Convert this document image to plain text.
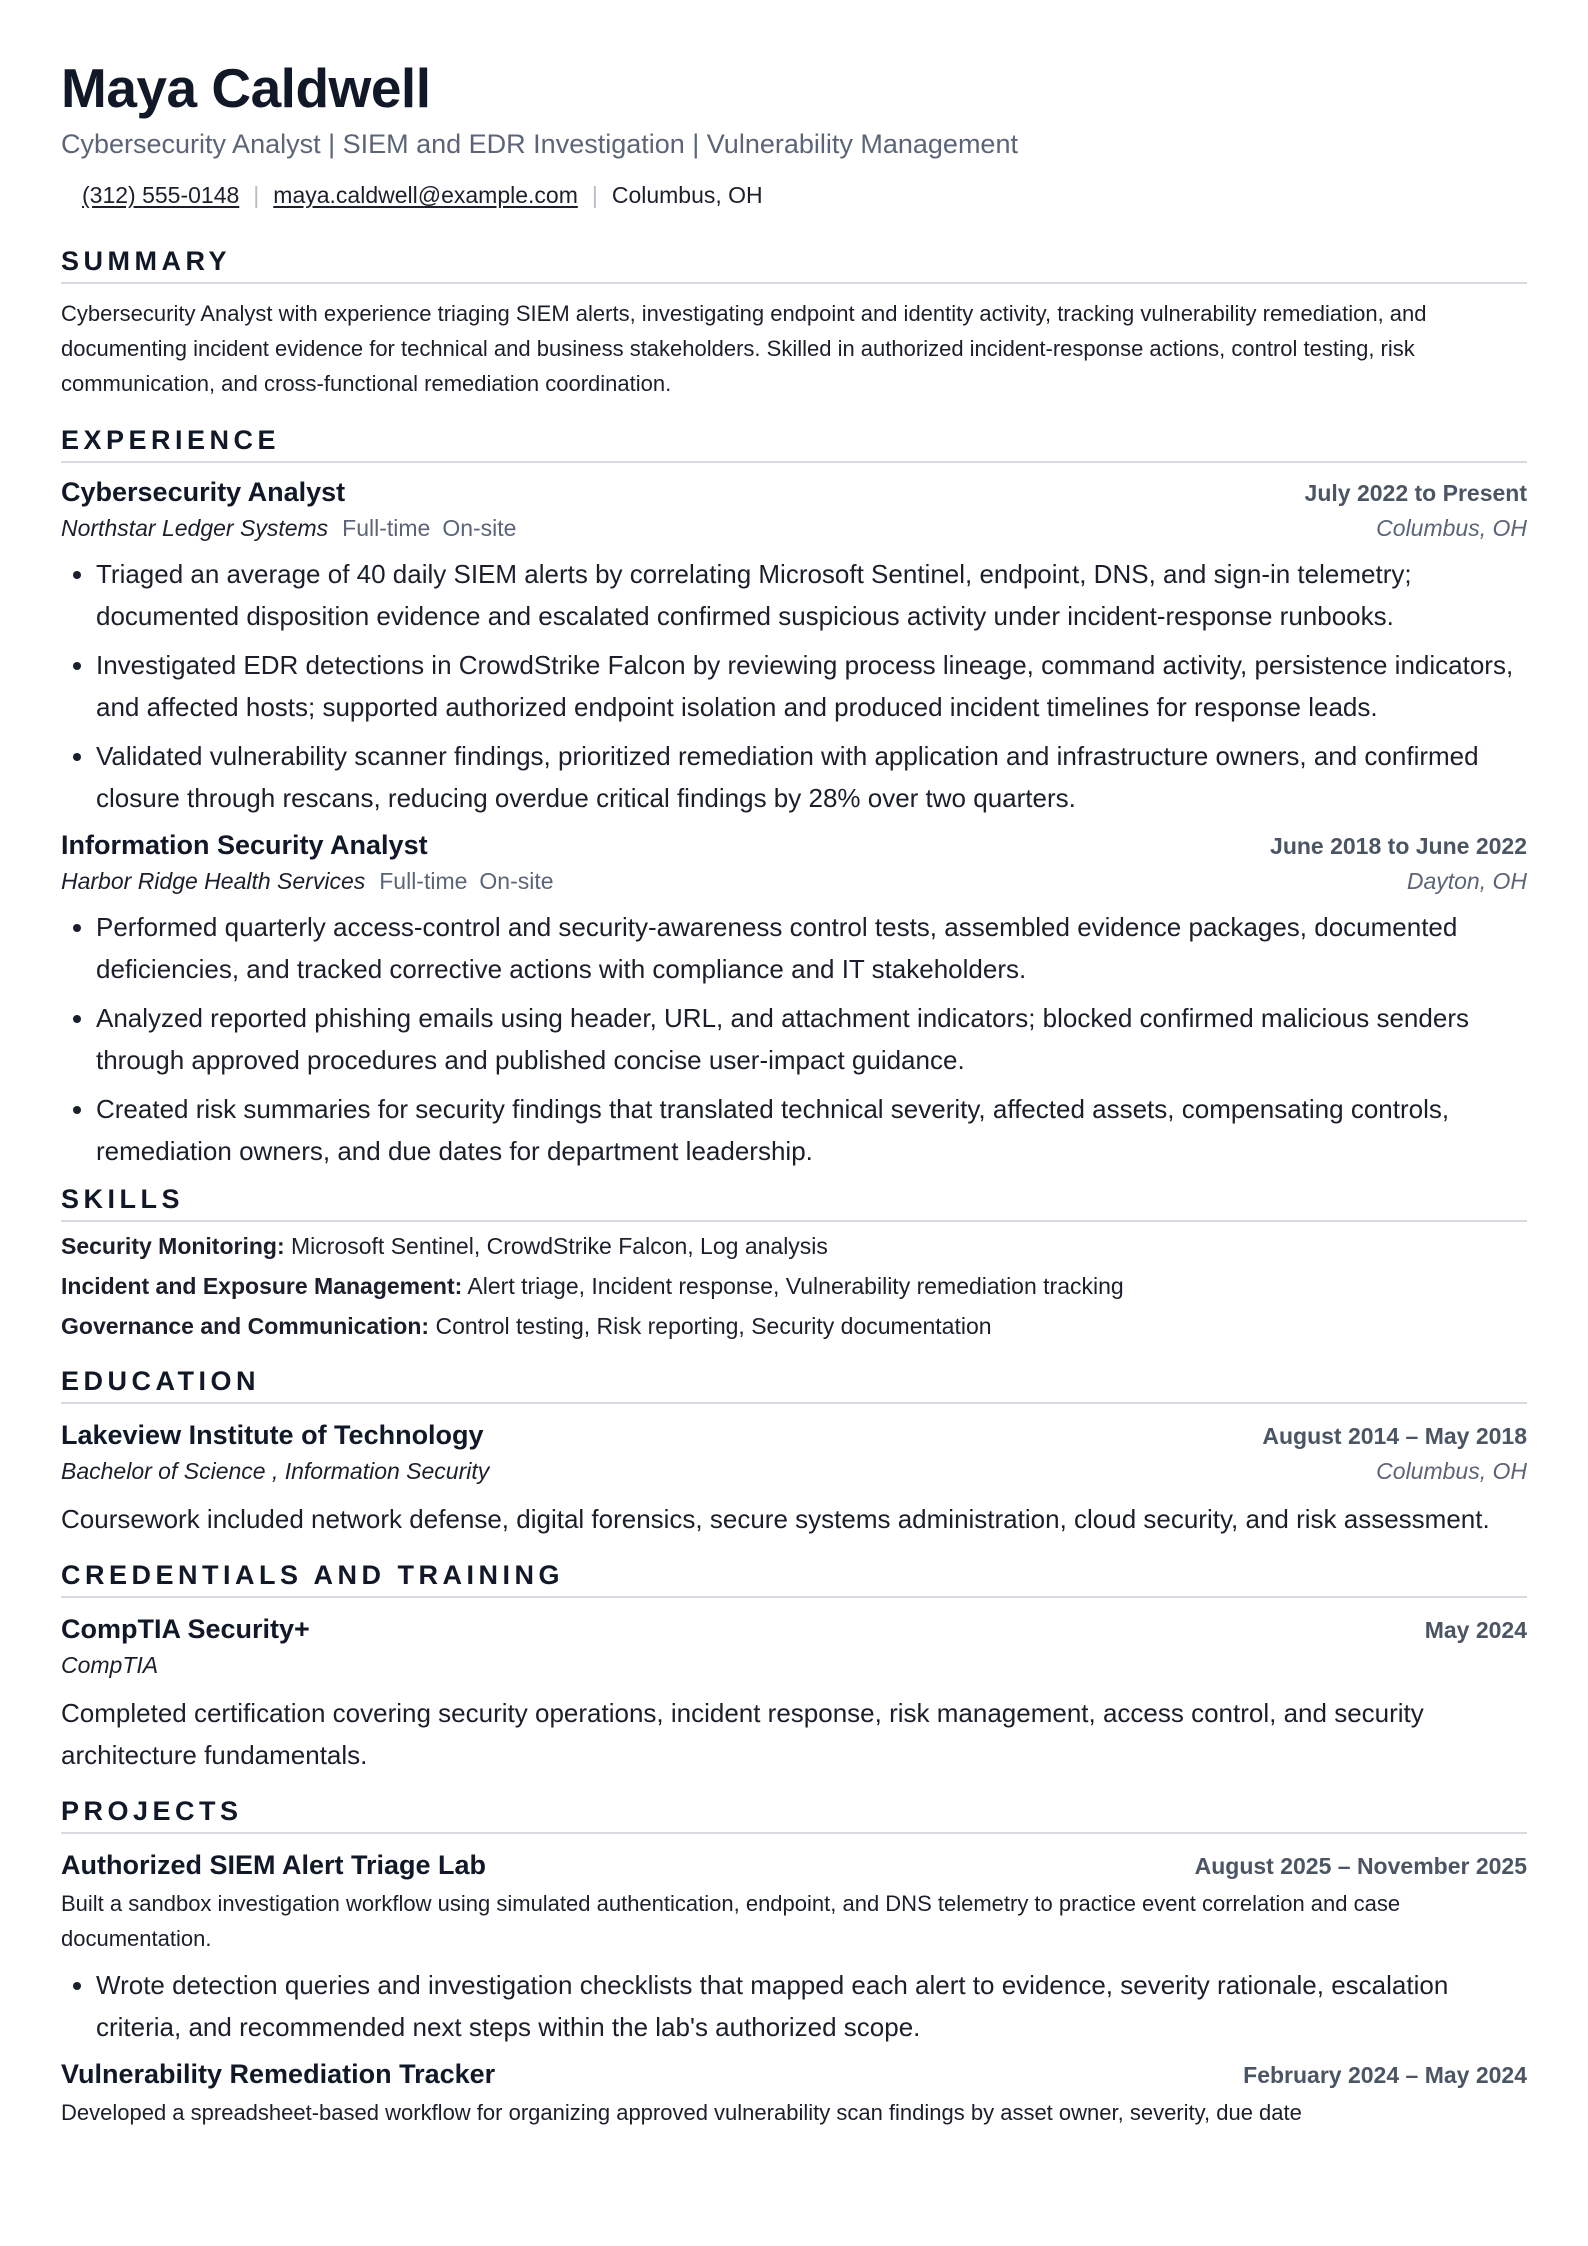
Maya Caldwell
Cybersecurity Analyst | SIEM and EDR Investigation | Vulnerability Management
(312) 555-0148 | maya.caldwell@example.com | Columbus, OH
SUMMARY

Cybersecurity Analyst with experience triaging SIEM alerts, investigating endpoint and identity activity, tracking vulnerability remediation, and documenting incident evidence for technical and business stakeholders. Skilled in authorized incident-response actions, control testing, risk communication, and cross-functional remediation coordination.

EXPERIENCE
Cybersecurity Analyst	July 2022 to Present
Northstar Ledger Systems Full-time On-site	Columbus, OH
• Triaged an average of 40 daily SIEM alerts by correlating Microsoft Sentinel, endpoint, DNS, and sign-in telemetry; documented disposition evidence and escalated confirmed suspicious activity under incident-response runbooks.
• Investigated EDR detections in CrowdStrike Falcon by reviewing process lineage, command activity, persistence indicators, and affected hosts; supported authorized endpoint isolation and produced incident timelines for response leads.
• Validated vulnerability scanner findings, prioritized remediation with application and infrastructure owners, and confirmed closure through rescans, reducing overdue critical findings by 28% over two quarters.
Information Security Analyst	June 2018 to June 2022
Harbor Ridge Health Services Full-time On-site	Dayton, OH
• Performed quarterly access-control and security-awareness control tests, assembled evidence packages, documented deficiencies, and tracked corrective actions with compliance and IT stakeholders.
• Analyzed reported phishing emails using header, URL, and attachment indicators; blocked confirmed malicious senders through approved procedures and published concise user-impact guidance.
• Created risk summaries for security findings that translated technical severity, affected assets, compensating controls, remediation owners, and due dates for department leadership.
SKILLS
Security Monitoring: Microsoft Sentinel, CrowdStrike Falcon, Log analysis
Incident and Exposure Management: Alert triage, Incident response, Vulnerability remediation tracking
Governance and Communication: Control testing, Risk reporting, Security documentation
EDUCATION
Lakeview Institute of Technology	August 2014 – May 2018
Bachelor of Science , Information Security	Columbus, OH

Coursework included network defense, digital forensics, secure systems administration, cloud security, and risk assessment.

CREDENTIALS AND TRAINING
CompTIA Security+	May 2024
CompTIA

Completed certification covering security operations, incident response, risk management, access control, and security architecture fundamentals.

PROJECTS
Authorized SIEM Alert Triage Lab	August 2025 – November 2025

Built a sandbox investigation workflow using simulated authentication, endpoint, and DNS telemetry to practice event correlation and case documentation.

• Wrote detection queries and investigation checklists that mapped each alert to evidence, severity rationale, escalation criteria, and recommended next steps within the lab's authorized scope.
Vulnerability Remediation Tracker	February 2024 – May 2024

Developed a spreadsheet-based workflow for organizing approved vulnerability scan findings by asset owner, severity, due date
